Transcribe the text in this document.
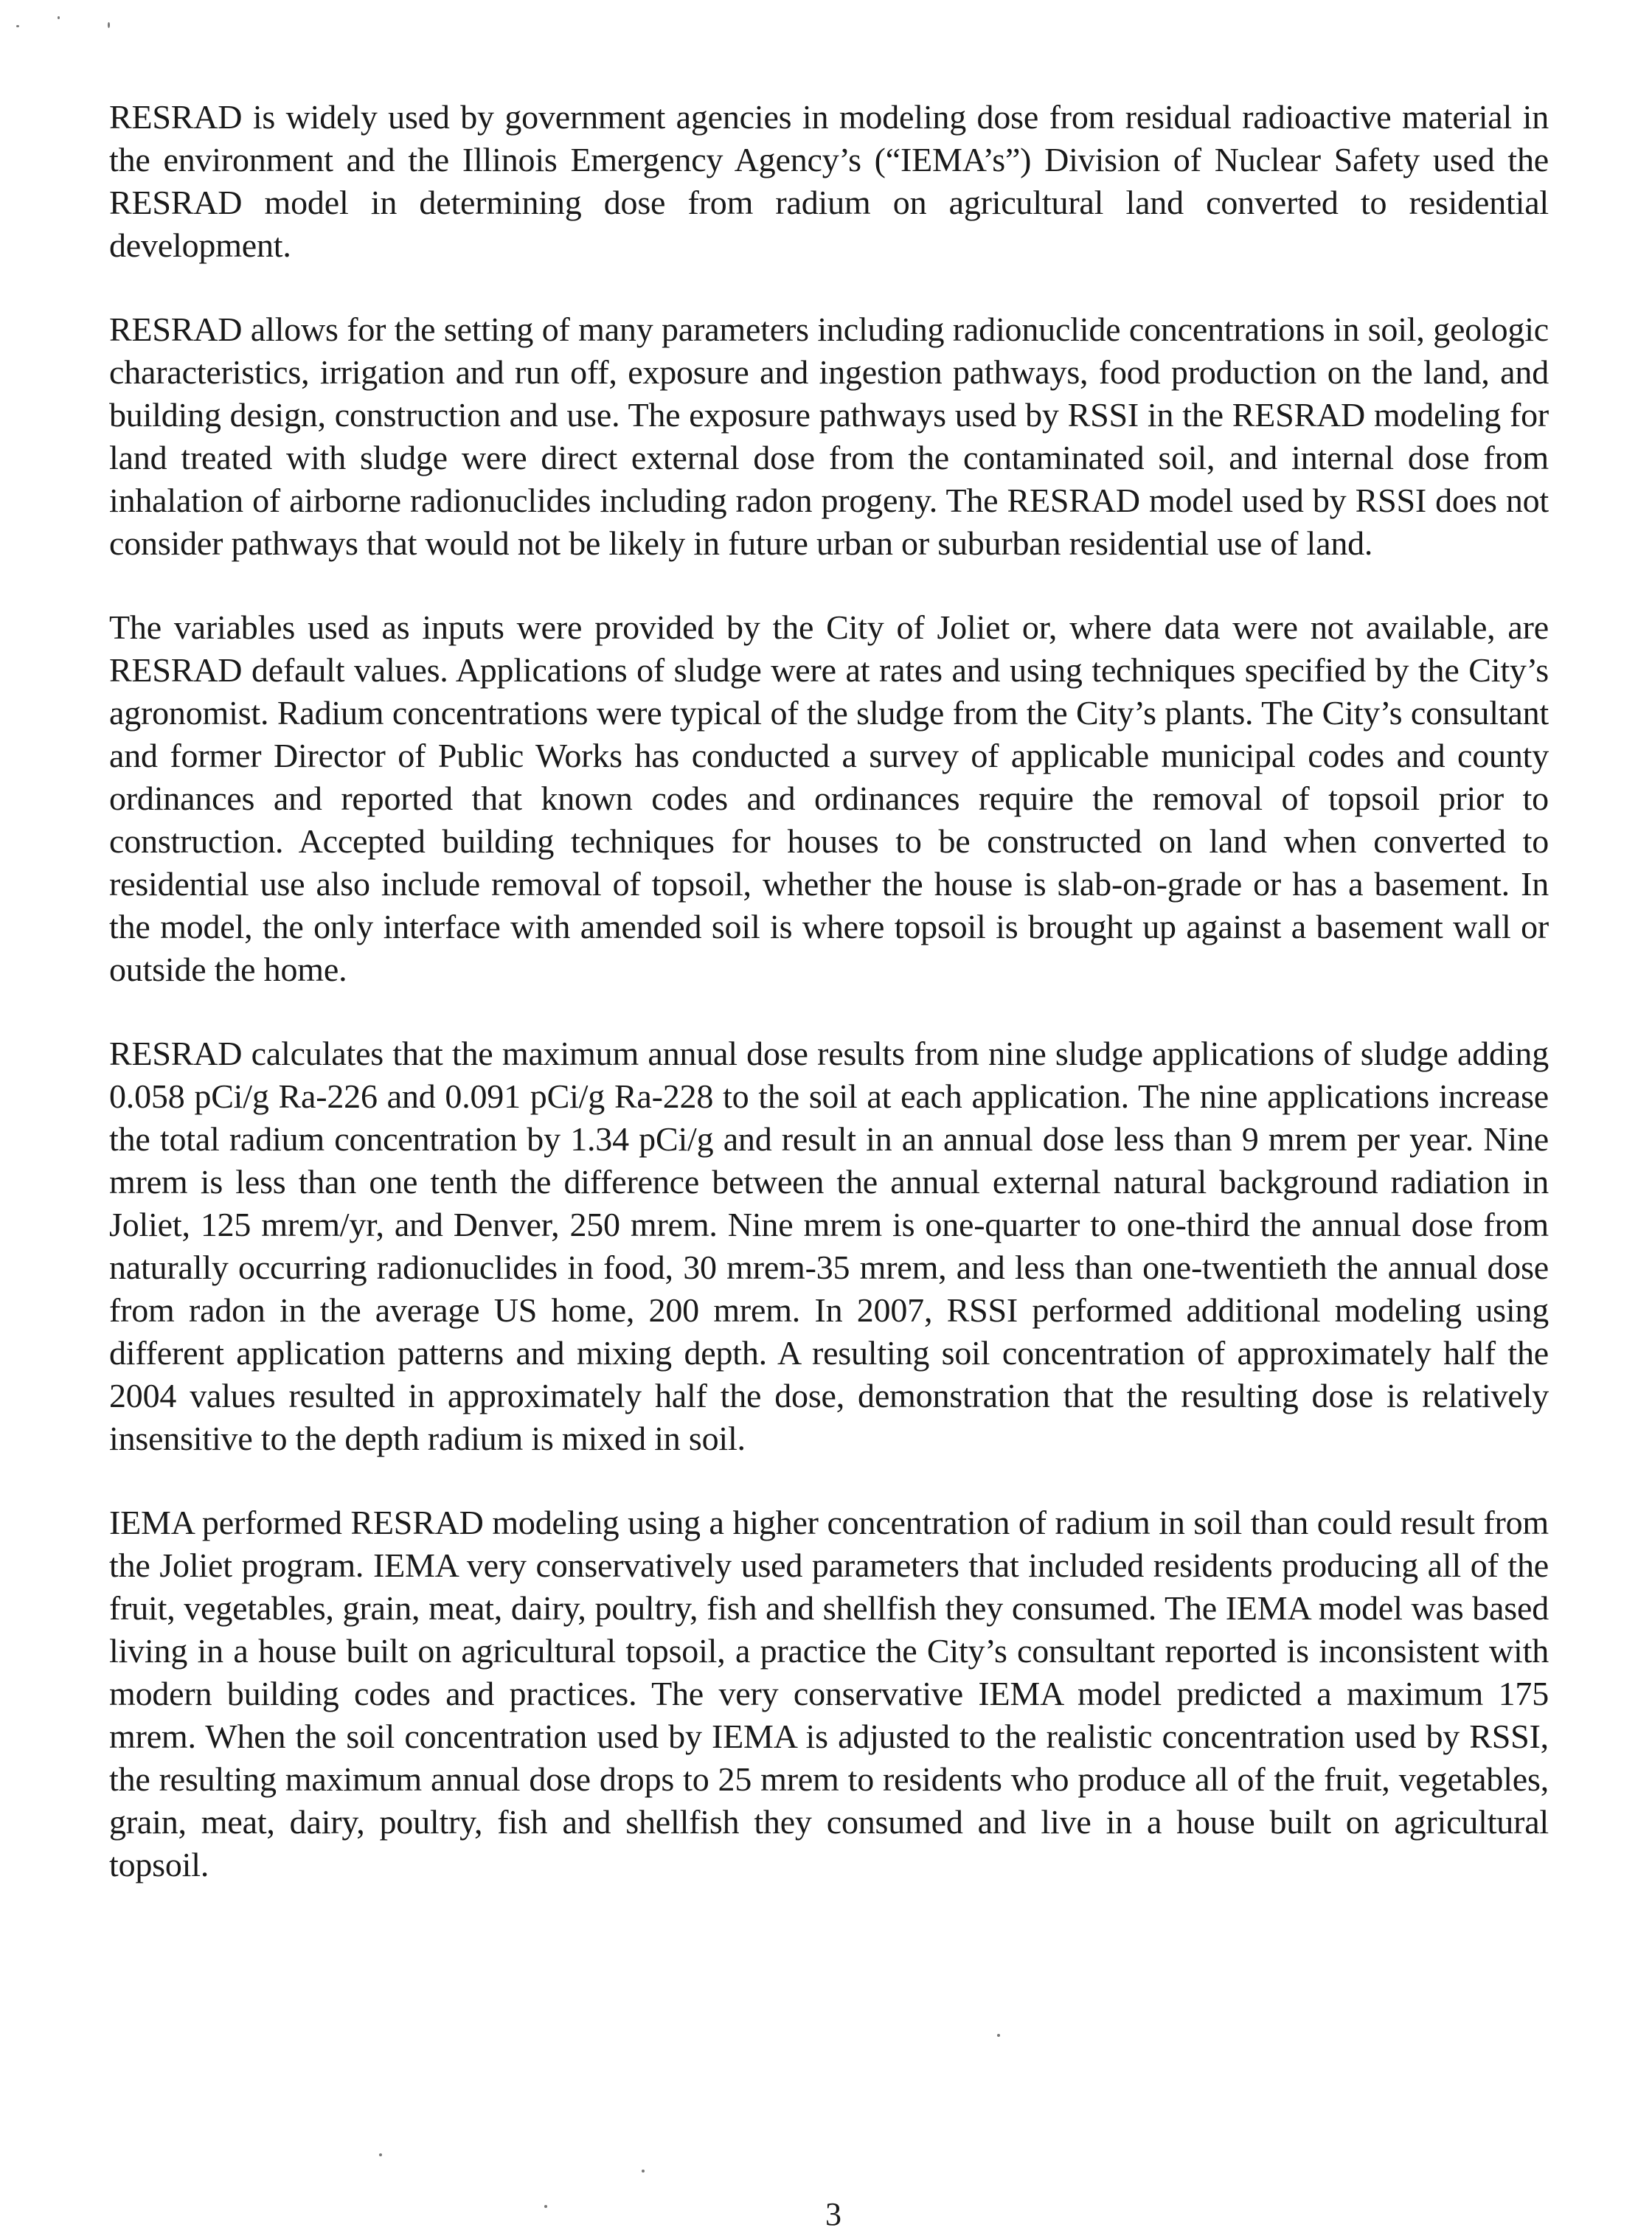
RESRAD is widely used by government agencies in modeling dose from residual radioactive material in the environment and the Illinois Emergency Agency’s (“IEMA’s”) Division of Nuclear Safety used the RESRAD model in determining dose from radium on agricultural land converted to residential development.

RESRAD allows for the setting of many parameters including radionuclide concentrations in soil, geologic characteristics, irrigation and run off, exposure and ingestion pathways, food production on the land, and building design, construction and use. The exposure pathways used by RSSI in the RESRAD modeling for land treated with sludge were direct external dose from the contaminated soil, and internal dose from inhalation of airborne radionuclides including radon progeny. The RESRAD model used by RSSI does not consider pathways that would not be likely in future urban or suburban residential use of land.

The variables used as inputs were provided by the City of Joliet or, where data were not available, are RESRAD default values. Applications of sludge were at rates and using techniques specified by the City’s agronomist. Radium concentrations were typical of the sludge from the City’s plants. The City’s consultant and former Director of Public Works has conducted a survey of applicable municipal codes and county ordinances and reported that known codes and ordinances require the removal of topsoil prior to construction. Accepted building techniques for houses to be constructed on land when converted to residential use also include removal of topsoil, whether the house is slab-on-grade or has a basement. In the model, the only interface with amended soil is where topsoil is brought up against a basement wall or outside the home.

RESRAD calculates that the maximum annual dose results from nine sludge applications of sludge adding 0.058 pCi/g Ra-226 and 0.091 pCi/g Ra-228 to the soil at each application. The nine applications increase the total radium concentration by 1.34 pCi/g and result in an annual dose less than 9 mrem per year. Nine mrem is less than one tenth the difference between the annual external natural background radiation in Joliet, 125 mrem/yr, and Denver, 250 mrem. Nine mrem is one-quarter to one-third the annual dose from naturally occurring radionuclides in food, 30 mrem-35 mrem, and less than one-twentieth the annual dose from radon in the average US home, 200 mrem. In 2007, RSSI performed additional modeling using different application patterns and mixing depth. A resulting soil concentration of approximately half the 2004 values resulted in approximately half the dose, demonstration that the resulting dose is relatively insensitive to the depth radium is mixed in soil.

IEMA performed RESRAD modeling using a higher concentration of radium in soil than could result from the Joliet program. IEMA very conservatively used parameters that included residents producing all of the fruit, vegetables, grain, meat, dairy, poultry, fish and shellfish they consumed. The IEMA model was based living in a house built on agricultural topsoil, a practice the City’s consultant reported is inconsistent with modern building codes and practices. The very conservative IEMA model predicted a maximum 175 mrem. When the soil concentration used by IEMA is adjusted to the realistic concentration used by RSSI, the resulting maximum annual dose drops to 25 mrem to residents who produce all of the fruit, vegetables, grain, meat, dairy, poultry, fish and shellfish they consumed and live in a house built on agricultural topsoil.

3
